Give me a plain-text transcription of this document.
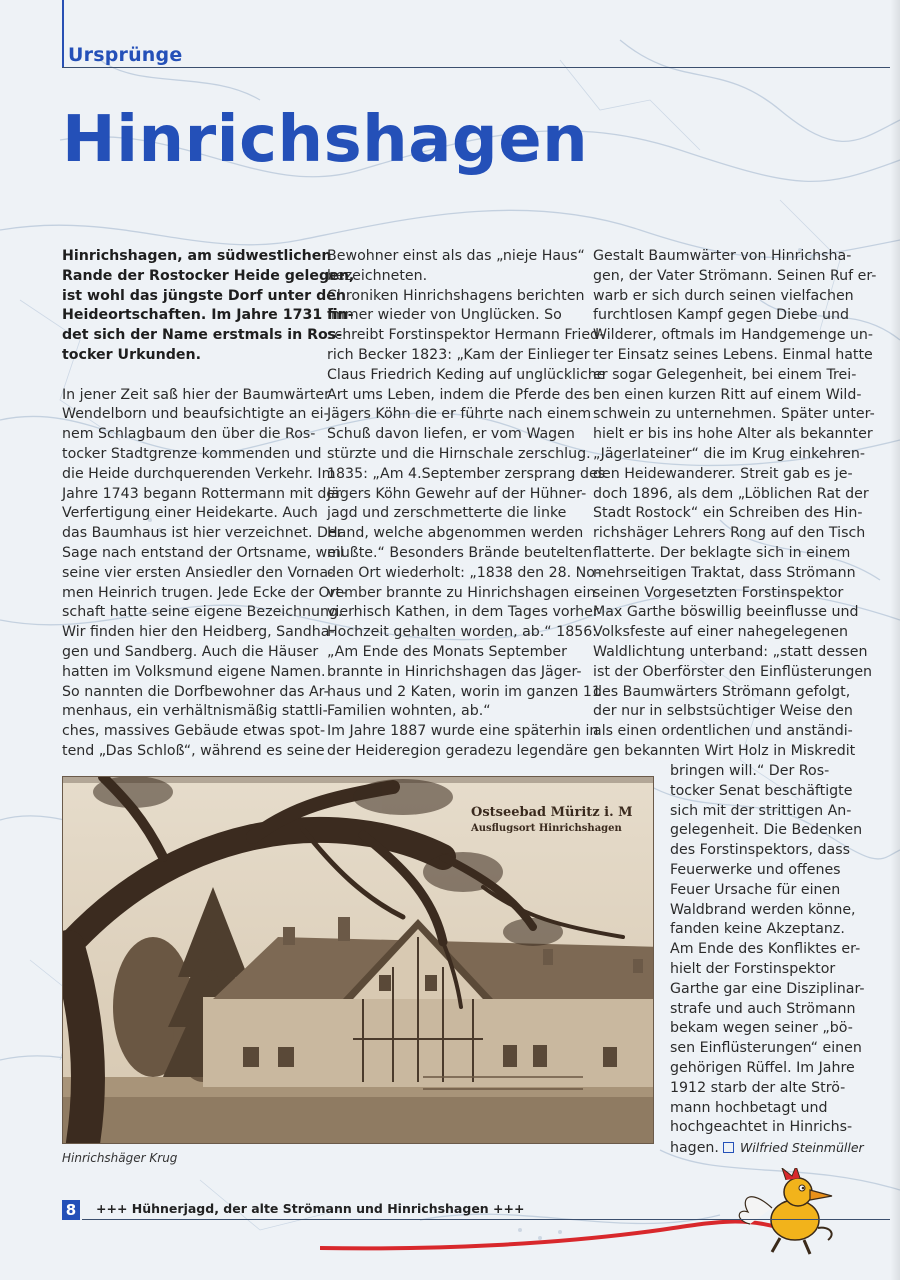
Ursprünge
Hinrichshagen
Hinrichshagen, am südwestlichen
Rande der Rostocker Heide gelegen,
ist wohl das jüngste Dorf unter den
Heideortschaften. Im Jahre 1731 fin-
det sich der Name erstmals in Ros-
tocker Urkunden.
In jener Zeit saß hier der Baumwärter
Wendelborn und beaufsichtigte an ei-
nem Schlagbaum den über die Ros-
tocker Stadtgrenze kommenden und
die Heide durchquerenden Verkehr. Im
Jahre 1743 begann Rottermann mit der
Verfertigung einer Heidekarte. Auch
das Baumhaus ist hier verzeichnet. Der
Sage nach entstand der Ortsname, weil
seine vier ersten Ansiedler den Vorna-
men Heinrich trugen. Jede Ecke der Ort-
schaft hatte seine eigene Bezeichnung.
Wir finden hier den Heidberg, Sandha-
gen und Sandberg. Auch die Häuser
hatten im Volksmund eigene Namen.
So nannten die Dorfbewohner das Ar-
menhaus, ein verhältnismäßig stattli-
ches, massives Gebäude etwas spot-
tend „Das Schloß“, während es seine
Bewohner einst als das „nieje Haus“
bezeichneten.
Chroniken Hinrichshagens berichten
immer wieder von Unglücken. So
schreibt Forstinspektor Hermann Fried-
rich Becker 1823: „Kam der Einlieger
Claus Friedrich Keding auf unglückliche
Art ums Leben, indem die Pferde des
Jägers Köhn die er führte nach einem
Schuß davon liefen, er vom Wagen
stürzte und die Hirnschale zerschlug.
1835: „Am 4.September zersprang des
Jägers Köhn Gewehr auf der Hühner-
jagd und zerschmetterte die linke
Hand, welche abgenommen werden
mußte.“ Besonders Brände beutelten
den Ort wiederholt: „1838 den 28. No-
vember brannte zu Hinrichshagen ein
vierhisch Kathen, in dem Tages vorher
Hochzeit gehalten worden, ab.“ 1856:
„Am Ende des Monats September
brannte in Hinrichshagen das Jäger-
haus und 2 Katen, worin im ganzen 11
Familien wohnten, ab.“
Im Jahre 1887 wurde eine späterhin in
der Heideregion geradezu legendäre
Gestalt Baumwärter von Hinrichsha-
gen, der Vater Strömann. Seinen Ruf er-
warb er sich durch seinen vielfachen
furchtlosen Kampf gegen Diebe und
Wilderer, oftmals im Handgemenge un-
ter Einsatz seines Lebens. Einmal hatte
er sogar Gelegenheit, bei einem Trei-
ben einen kurzen Ritt auf einem Wild-
schwein zu unternehmen. Später unter-
hielt er bis ins hohe Alter als bekannter
„Jägerlateiner“ die im Krug einkehren-
den Heidewanderer. Streit gab es je-
doch 1896, als dem „Löblichen Rat der
Stadt Rostock“ ein Schreiben des Hin-
richshäger Lehrers Rong auf den Tisch
flatterte. Der beklagte sich in einem
mehrseitigen Traktat, dass Strömann
seinen Vorgesetzten Forstinspektor
Max Garthe böswillig beeinflusse und
Volksfeste auf einer nahegelegenen
Waldlichtung unterband: „statt dessen
ist der Oberförster den Einflüsterungen
des Baumwärters Strömann gefolgt,
der nur in selbstsüchtiger Weise den
als einen ordentlichen und anständi-
gen bekannten Wirt Holz in Miskredit
bringen will.“ Der Ros-
tocker Senat beschäftigte
sich mit der strittigen An-
gelegenheit. Die Bedenken
des Forstinspektors, dass
Feuerwerke und offenes
Feuer Ursache für einen
Waldbrand werden könne,
fanden keine Akzeptanz.
Am Ende des Konfliktes er-
hielt der Forstinspektor
Garthe gar eine Disziplinar-
strafe und auch Strömann
bekam wegen seiner „bö-
sen Einflüsterungen“ einen
gehörigen Rüffel. Im Jahre
1912 starb der alte Strö-
mann hochbetagt und
hochgeachtet in Hinrichs-
hagen. Wilfried Steinmüller
Ostseebad Müritz i. M
Ausflugsort Hinrichshagen
Hinrichshäger Krug
8	+++ Hühnerjagd, der alte Strömann und Hinrichshagen +++
